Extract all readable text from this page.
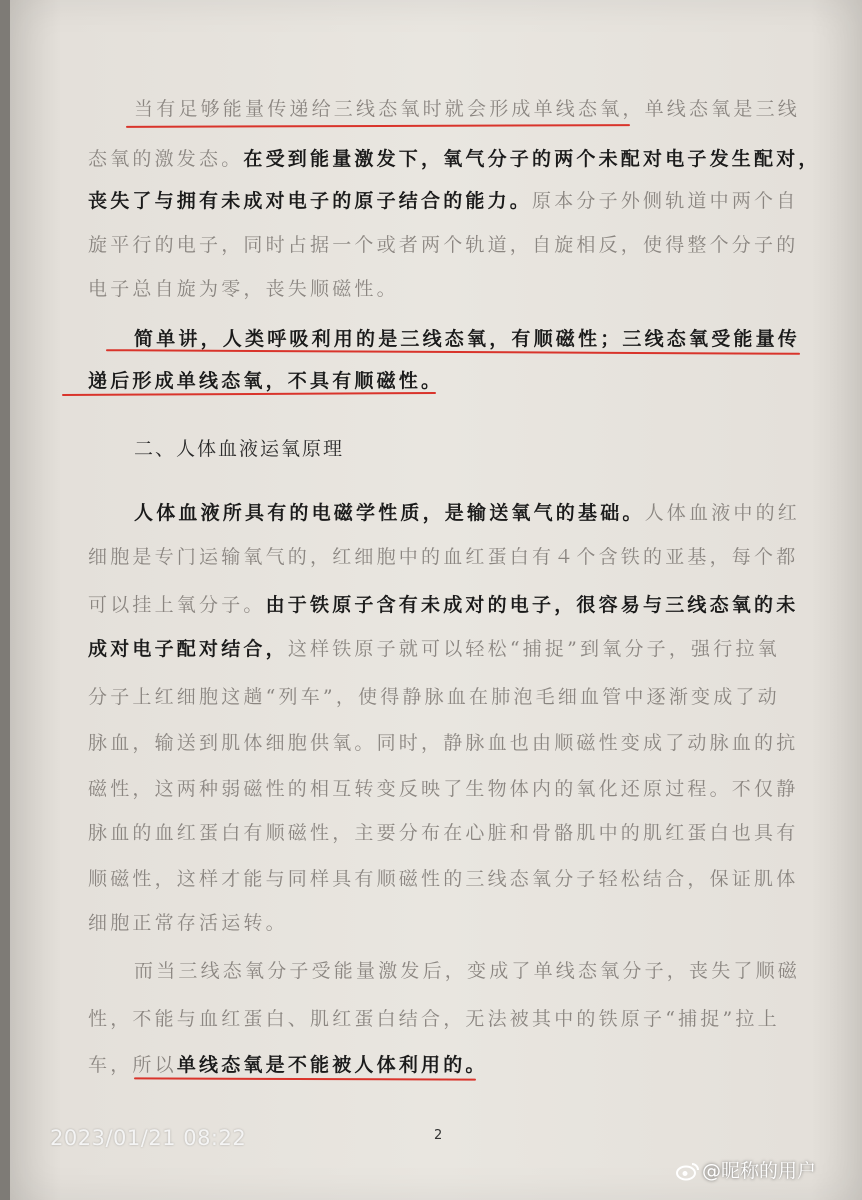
当有足够能量传递给三线态氧时就会形成单线态氧，单线态氧是三线
态氧的激发态。在受到能量激发下，氧气分子的两个未配对电子发生配对，
丧失了与拥有未成对电子的原子结合的能力。原本分子外侧轨道中两个自
旋平行的电子，同时占据一个或者两个轨道，自旋相反，使得整个分子的
电子总自旋为零，丧失顺磁性。
简单讲，人类呼吸利用的是三线态氧，有顺磁性；三线态氧受能量传
递后形成单线态氧，不具有顺磁性。
二、人体血液运氧原理
人体血液所具有的电磁学性质，是输送氧气的基础。人体血液中的红
细胞是专门运输氧气的，红细胞中的血红蛋白有４个含铁的亚基，每个都
可以挂上氧分子。由于铁原子含有未成对的电子，很容易与三线态氧的未
成对电子配对结合，这样铁原子就可以轻松“捕捉”到氧分子，强行拉氧
分子上红细胞这趟“列车”，使得静脉血在肺泡毛细血管中逐渐变成了动
脉血，输送到肌体细胞供氧。同时，静脉血也由顺磁性变成了动脉血的抗
磁性，这两种弱磁性的相互转变反映了生物体内的氧化还原过程。不仅静
脉血的血红蛋白有顺磁性，主要分布在心脏和骨骼肌中的肌红蛋白也具有
顺磁性，这样才能与同样具有顺磁性的三线态氧分子轻松结合，保证肌体
细胞正常存活运转。
而当三线态氧分子受能量激发后，变成了单线态氧分子，丧失了顺磁
性，不能与血红蛋白、肌红蛋白结合，无法被其中的铁原子“捕捉”拉上
车，所以单线态氧是不能被人体利用的。
2
2023/01/21 08:22
@昵称的用户
